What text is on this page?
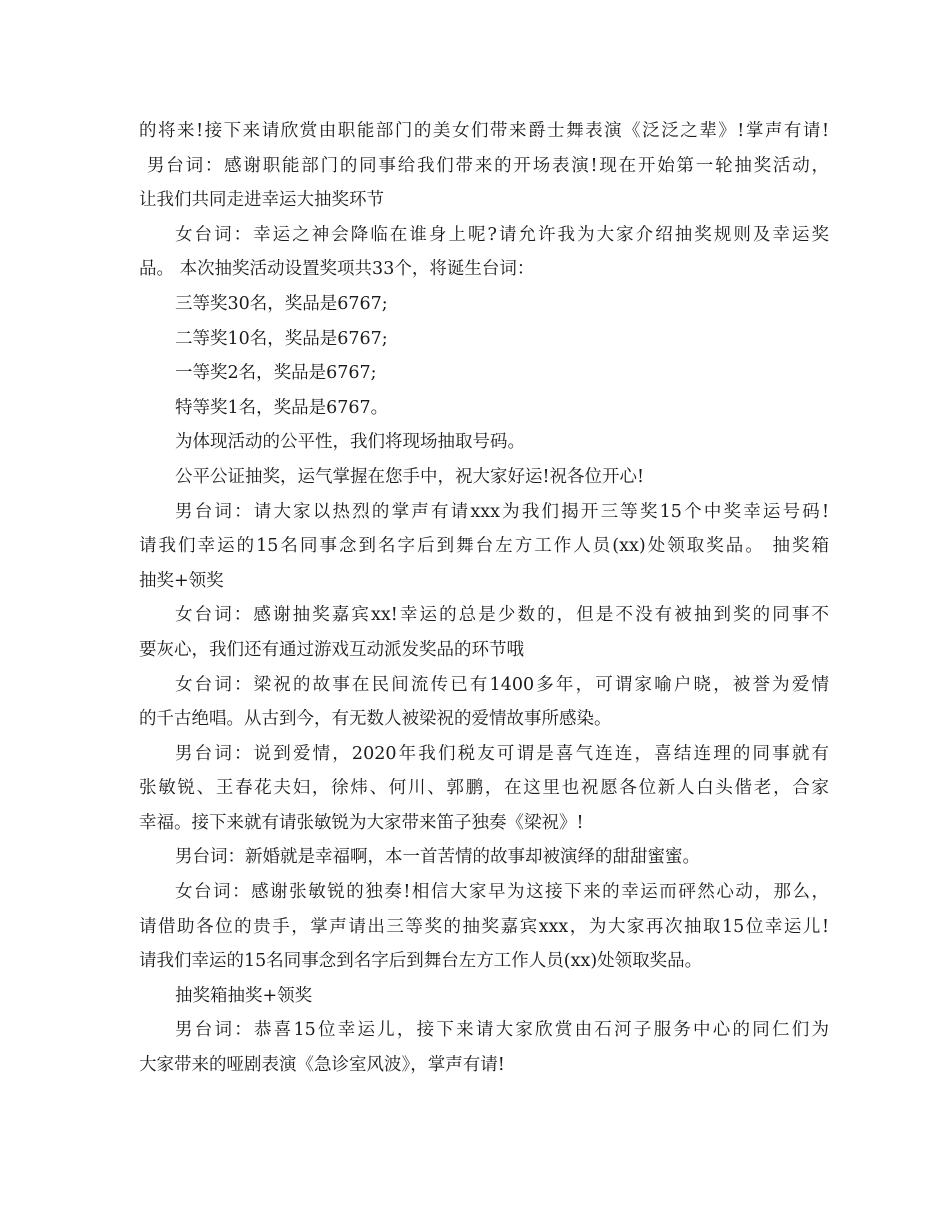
的将来!接下来请欣赏由职能部门的美女们带来爵士舞表演《泛泛之辈》!掌声有请!
男台词：感谢职能部门的同事给我们带来的开场表演!现在开始第一轮抽奖活动，
让我们共同走进幸运大抽奖环节
女台词：幸运之神会降临在谁身上呢?请允许我为大家介绍抽奖规则及幸运奖
品。 本次抽奖活动设置奖项共33个，将诞生台词：
三等奖30名，奖品是6767;
二等奖10名，奖品是6767;
一等奖2名，奖品是6767;
特等奖1名，奖品是6767。
为体现活动的公平性，我们将现场抽取号码。
公平公证抽奖，运气掌握在您手中，祝大家好运!祝各位开心!
男台词：请大家以热烈的掌声有请xxx为我们揭开三等奖15个中奖幸运号码!
请我们幸运的15名同事念到名字后到舞台左方工作人员(xx)处领取奖品。 抽奖箱
抽奖+领奖
女台词：感谢抽奖嘉宾xx!幸运的总是少数的，但是不没有被抽到奖的同事不
要灰心，我们还有通过游戏互动派发奖品的环节哦
女台词：梁祝的故事在民间流传已有1400多年，可谓家喻户晓，被誉为爱情
的千古绝唱。从古到今，有无数人被梁祝的爱情故事所感染。
男台词：说到爱情，2020年我们税友可谓是喜气连连，喜结连理的同事就有
张敏锐、王春花夫妇，徐炜、何川、郭鹏，在这里也祝愿各位新人白头偕老，合家
幸福。接下来就有请张敏锐为大家带来笛子独奏《梁祝》!
男台词：新婚就是幸福啊，本一首苦情的故事却被演绎的甜甜蜜蜜。
女台词：感谢张敏锐的独奏!相信大家早为这接下来的幸运而砰然心动，那么，
请借助各位的贵手，掌声请出三等奖的抽奖嘉宾xxx，为大家再次抽取15位幸运儿!
请我们幸运的15名同事念到名字后到舞台左方工作人员(xx)处领取奖品。
抽奖箱抽奖+领奖
男台词：恭喜15位幸运儿，接下来请大家欣赏由石河子服务中心的同仁们为
大家带来的哑剧表演《急诊室风波》，掌声有请!
